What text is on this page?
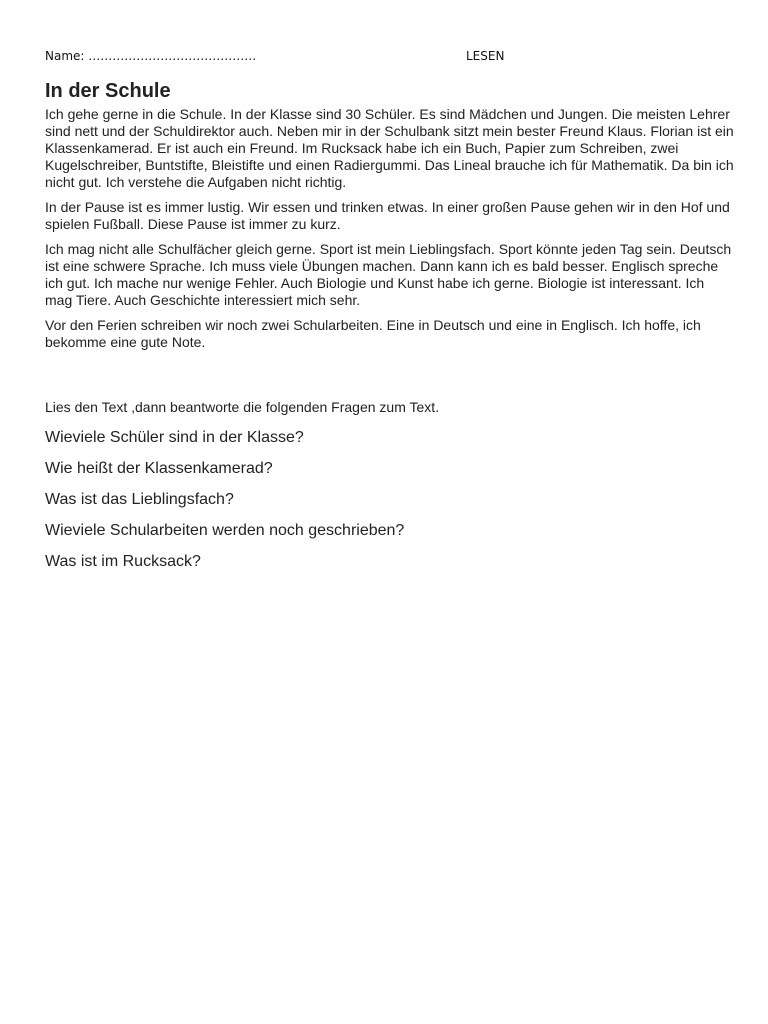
Name: ……………………………………	LESEN
In der Schule

Ich gehe gerne in die Schule. In der Klasse sind 30 Schüler. Es sind Mädchen und Jungen. Die meisten Lehrer sind nett und der Schuldirektor auch. Neben mir in der Schulbank sitzt mein bester Freund Klaus. Florian ist ein Klassenkamerad. Er ist auch ein Freund. Im Rucksack habe ich ein Buch, Papier zum Schreiben, zwei Kugelschreiber, Buntstifte, Bleistifte und einen Radiergummi. Das Lineal brauche ich für Mathematik. Da bin ich nicht gut. Ich verstehe die Aufgaben nicht richtig.

In der Pause ist es immer lustig. Wir essen und trinken etwas. In einer großen Pause gehen wir in den Hof und spielen Fußball. Diese Pause ist immer zu kurz.

Ich mag nicht alle Schulfächer gleich gerne. Sport ist mein Lieblingsfach. Sport könnte jeden Tag sein. Deutsch ist eine schwere Sprache. Ich muss viele Übungen machen. Dann kann ich es bald besser. Englisch spreche ich gut. Ich mache nur wenige Fehler. Auch Biologie und Kunst habe ich gerne. Biologie ist interessant. Ich mag Tiere. Auch Geschichte interessiert mich sehr.

Vor den Ferien schreiben wir noch zwei Schularbeiten. Eine in Deutsch und eine in Englisch. Ich hoffe, ich bekomme eine gute Note.

Lies den Text ,dann beantworte die folgenden Fragen zum Text.
Wieviele Schüler sind in der Klasse?
Wie heißt der Klassenkamerad?
Was ist das Lieblingsfach?
Wieviele Schularbeiten werden noch geschrieben?
Was ist im Rucksack?
